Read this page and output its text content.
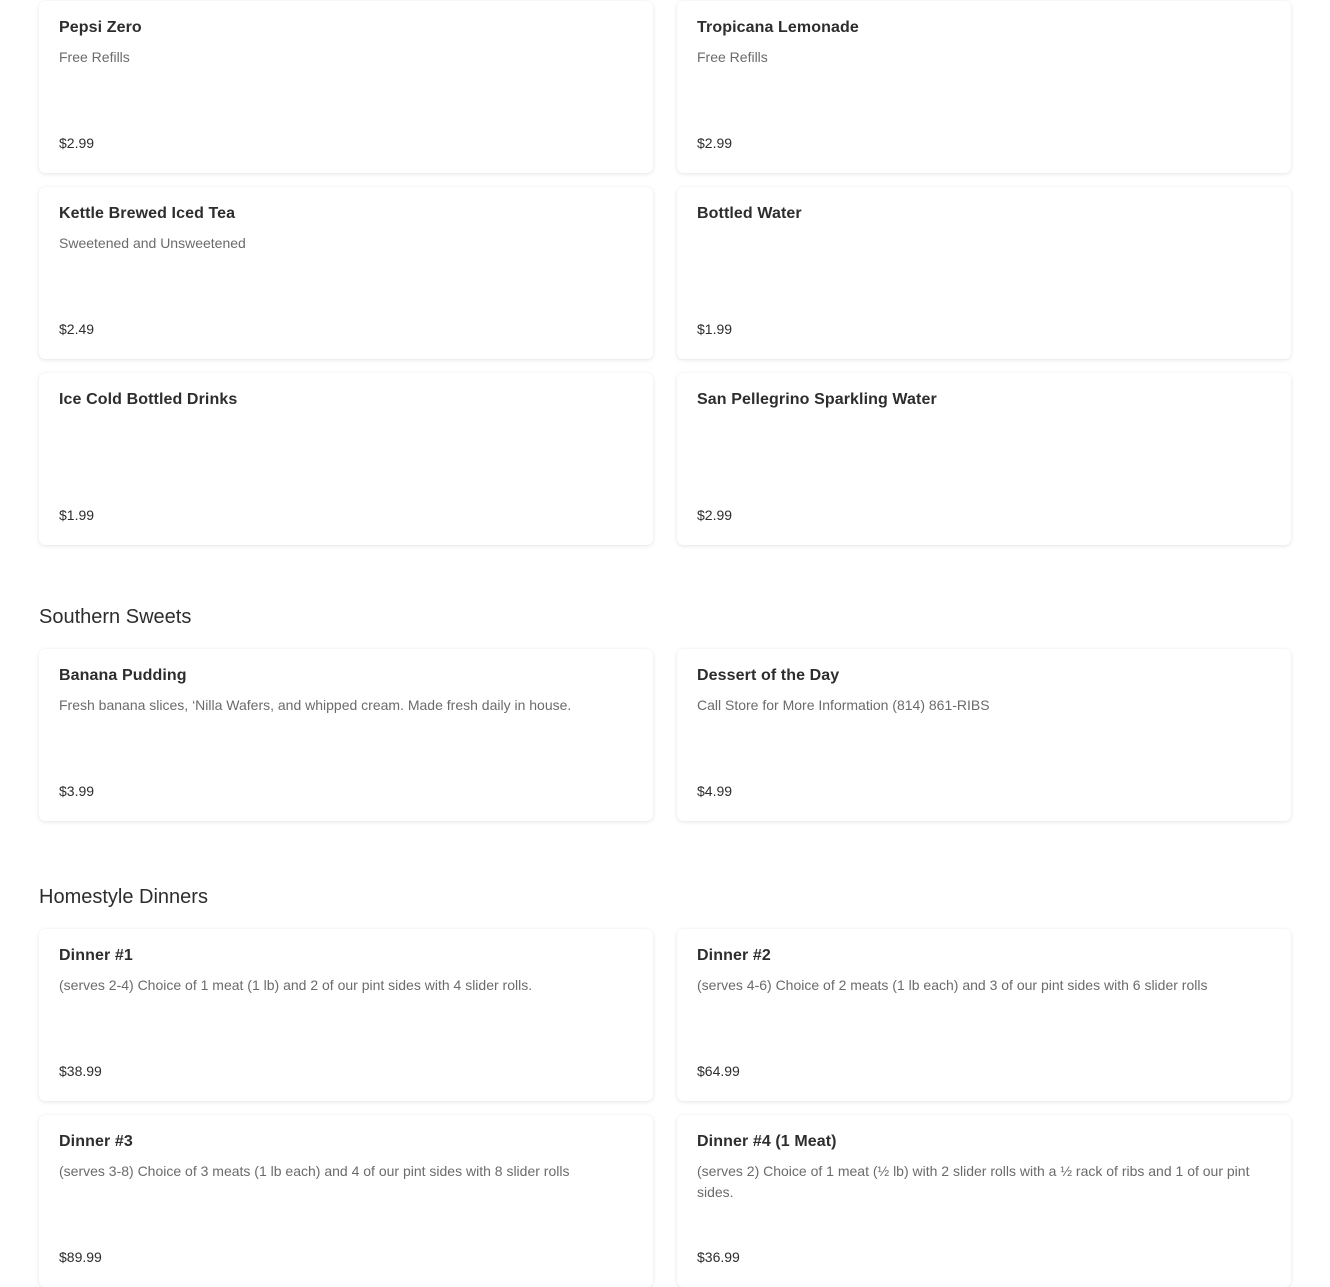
Pepsi Zero
Free Refills
$2.99
Tropicana Lemonade
Free Refills
$2.99
Kettle Brewed Iced Tea
Sweetened and Unsweetened
$2.49
Bottled Water
$1.99
Ice Cold Bottled Drinks
$1.99
San Pellegrino Sparkling Water
$2.99
Southern Sweets
Banana Pudding
Fresh banana slices, ‘Nilla Wafers, and whipped cream. Made fresh daily in house.
$3.99
Dessert of the Day
Call Store for More Information (814) 861-RIBS
$4.99
Homestyle Dinners
Dinner #1
(serves 2-4) Choice of 1 meat (1 lb) and 2 of our pint sides with 4 slider rolls.
$38.99
Dinner #2
(serves 4-6) Choice of 2 meats (1 lb each) and 3 of our pint sides with 6 slider rolls
$64.99
Dinner #3
(serves 3-8) Choice of 3 meats (1 lb each) and 4 of our pint sides with 8 slider rolls
$89.99
Dinner #4 (1 Meat)
(serves 2) Choice of 1 meat (½ lb) with 2 slider rolls with a ½ rack of ribs and 1 of our pint sides.
$36.99
